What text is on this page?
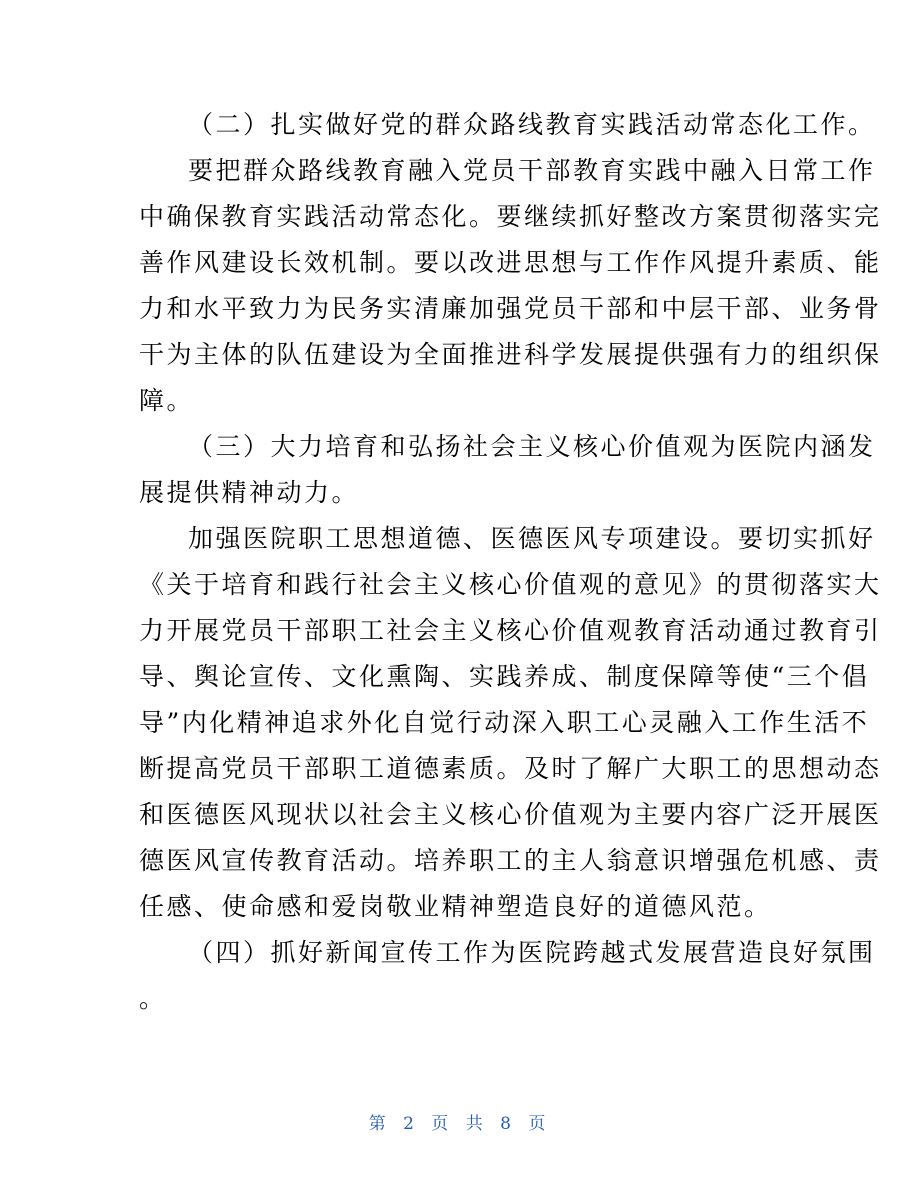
（二）扎实做好党的群众路线教育实践活动常态化工作。
要把群众路线教育融入党员干部教育实践中融入日常工作
中确保教育实践活动常态化。要继续抓好整改方案贯彻落实完
善作风建设长效机制。要以改进思想与工作作风提升素质、能
力和水平致力为民务实清廉加强党员干部和中层干部、业务骨
干为主体的队伍建设为全面推进科学发展提供强有力的组织保
障。
（三）大力培育和弘扬社会主义核心价值观为医院内涵发
展提供精神动力。
加强医院职工思想道德、医德医风专项建设。要切实抓好
《关于培育和践行社会主义核心价值观的意见》的贯彻落实大
力开展党员干部职工社会主义核心价值观教育活动通过教育引
导、舆论宣传、文化熏陶、实践养成、制度保障等使“三个倡
导”内化精神追求外化自觉行动深入职工心灵融入工作生活不
断提高党员干部职工道德素质。及时了解广大职工的思想动态
和医德医风现状以社会主义核心价值观为主要内容广泛开展医
德医风宣传教育活动。培养职工的主人翁意识增强危机感、责
任感、使命感和爱岗敬业精神塑造良好的道德风范。
（四）抓好新闻宣传工作为医院跨越式发展营造良好氛围
。
第 2 页 共 8 页
